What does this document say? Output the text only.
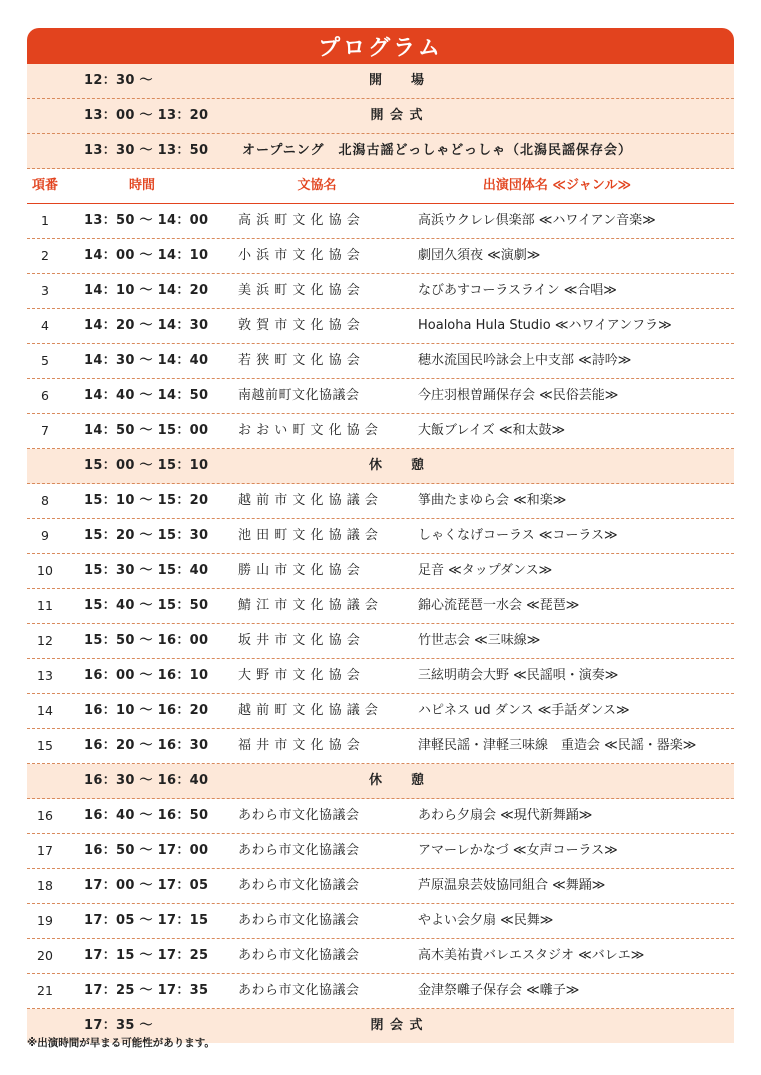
プログラム
12：30 〜	開　　場
13：00 〜 13：20	開 会 式
13：30 〜 13：50	オープニング　北潟古謡どっしゃどっしゃ（北潟民謡保存会）
項番	時間	文協名	出演団体名 ≪ジャンル≫
1	13：50 〜 14：00 高 浜 町 文 化 協 会	高浜ウクレレ倶楽部 ≪ハワイアン音楽≫
2	14：00 〜 14：10 小 浜 市 文 化 協 会	劇団久須夜 ≪演劇≫
3	14：10 〜 14：20 美 浜 町 文 化 協 会	なびあすコーラスライン ≪合唱≫
4	14：20 〜 14：30 敦 賀 市 文 化 協 会	Hoaloha Hula Studio ≪ハワイアンフラ≫
5	14：30 〜 14：40 若 狭 町 文 化 協 会	穂水流国民吟詠会上中支部 ≪詩吟≫
6	14：40 〜 14：50 南越前町文化協議会	今庄羽根曽踊保存会 ≪民俗芸能≫
7	14：50 〜 15：00 お お い 町 文 化 協 会	大飯ブレイズ ≪和太鼓≫
15：00 〜 15：10	休　　憩
8	15：10 〜 15：20 越 前 市 文 化 協 議 会	箏曲たまゆら会 ≪和楽≫
9	15：20 〜 15：30 池 田 町 文 化 協 議 会	しゃくなげコーラス ≪コーラス≫
10	15：30 〜 15：40 勝 山 市 文 化 協 会	足音 ≪タップダンス≫
11	15：40 〜 15：50 鯖 江 市 文 化 協 議 会	錦心流琵琶一水会 ≪琵琶≫
12	15：50 〜 16：00 坂 井 市 文 化 協 会	竹世志会 ≪三味線≫
13	16：00 〜 16：10 大 野 市 文 化 協 会	三絃明萌会大野 ≪民謡唄・演奏≫
14	16：10 〜 16：20 越 前 町 文 化 協 議 会	ハピネス ud ダンス ≪手話ダンス≫
15	16：20 〜 16：30 福 井 市 文 化 協 会	津軽民謡・津軽三味線　重造会 ≪民謡・器楽≫
16：30 〜 16：40	休　　憩
16	16：40 〜 16：50 あわら市文化協議会	あわら夕扇会 ≪現代新舞踊≫
17	16：50 〜 17：00 あわら市文化協議会	アマーレかなづ ≪女声コーラス≫
18	17：00 〜 17：05 あわら市文化協議会	芦原温泉芸妓協同組合 ≪舞踊≫
19	17：05 〜 17：15 あわら市文化協議会	やよい会夕扇 ≪民舞≫
20	17：15 〜 17：25 あわら市文化協議会	高木美祐貴バレエスタジオ ≪バレエ≫
21	17：25 〜 17：35 あわら市文化協議会	金津祭囃子保存会 ≪囃子≫
17：35 〜	閉 会 式
※出演時間が早まる可能性があります。
